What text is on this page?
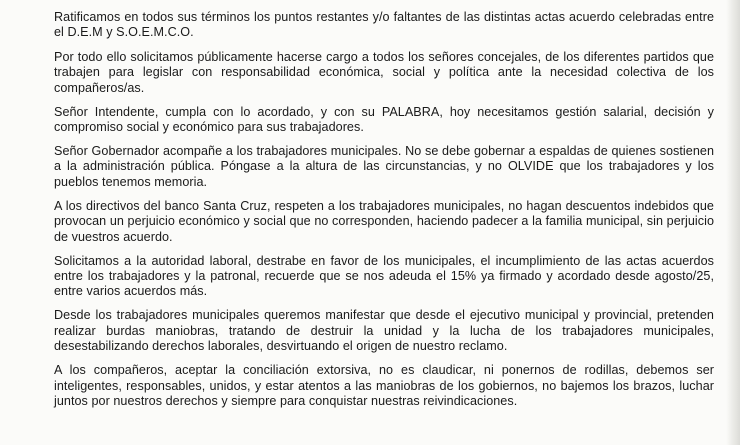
Ratificamos en todos sus términos los puntos restantes y/o faltantes de las distintas actas acuerdo celebradas entre el D.E.M y S.O.E.M.C.O.

Por todo ello solicitamos públicamente hacerse cargo a todos los señores concejales, de los diferentes partidos que trabajen para legislar con responsabilidad económica, social y política ante la necesidad colectiva de los compañeros/as.

Señor Intendente, cumpla con lo acordado, y con su PALABRA, hoy necesitamos gestión salarial, decisión y compromiso social y económico para sus trabajadores.

Señor Gobernador acompañe a los trabajadores municipales. No se debe gobernar a espaldas de quienes sostienen a la administración pública. Póngase a la altura de las circunstancias, y no OLVIDE que los trabajadores y los pueblos tenemos memoria.

A los directivos del banco Santa Cruz, respeten a los trabajadores municipales, no hagan descuentos indebidos que provocan un perjuicio económico y social que no corresponden, haciendo padecer a la familia municipal, sin perjuicio de vuestros acuerdo.

Solicitamos a la autoridad laboral, destrabe en favor de los municipales, el incumplimiento de las actas acuerdos entre los trabajadores y la patronal, recuerde que se nos adeuda el 15% ya firmado y acordado desde agosto/25, entre varios acuerdos más.

Desde los trabajadores municipales queremos manifestar que desde el ejecutivo municipal y provincial, pretenden realizar burdas maniobras, tratando de destruir la unidad y la lucha de los trabajadores municipales, desestabilizando derechos laborales, desvirtuando el origen de nuestro reclamo.

A los compañeros, aceptar la conciliación extorsiva, no es claudicar, ni ponernos de rodillas, debemos ser inteligentes, responsables, unidos, y estar atentos a las maniobras de los gobiernos, no bajemos los brazos, luchar juntos por nuestros derechos y siempre para conquistar nuestras reivindicaciones.
